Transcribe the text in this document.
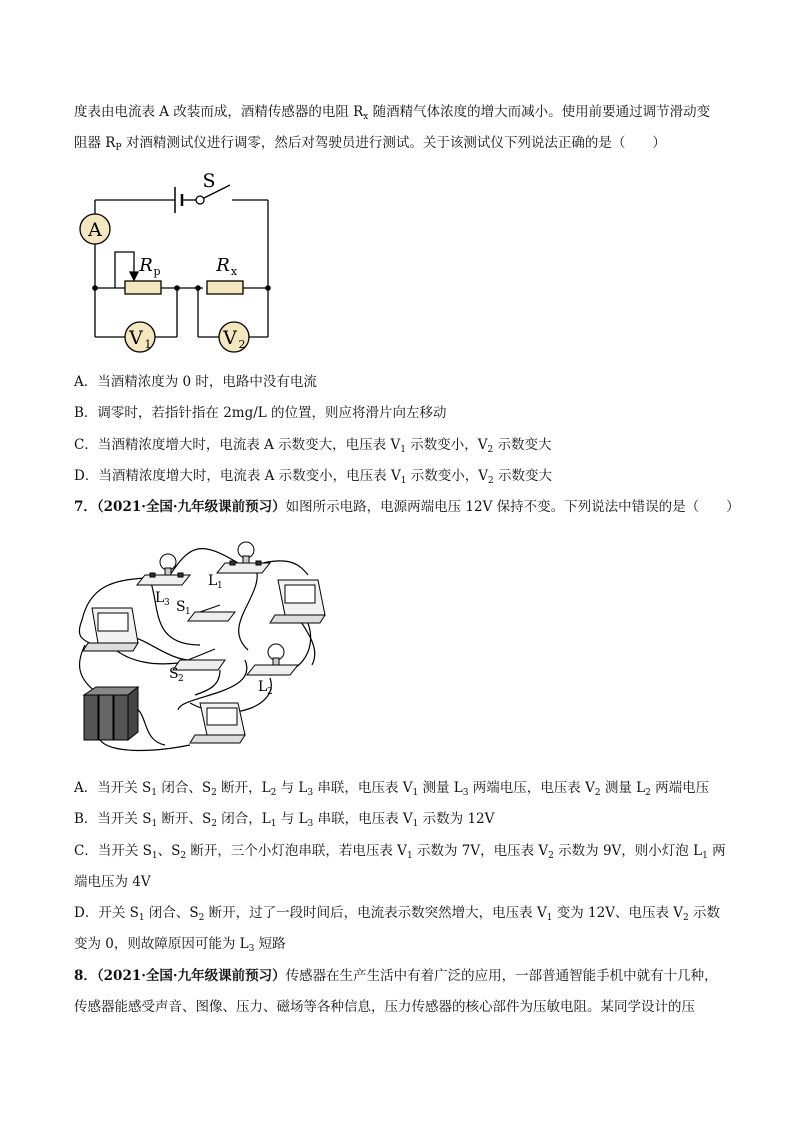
度表由电流表 A 改装而成，酒精传感器的电阻 $R_x$ 随酒精气体浓度的增大而减小。使用前要通过调节滑动变
阻器 $R_P$ 对酒精测试仪进行调零，然后对驾驶员进行测试。关于该测试仪下列说法正确的是（　　）
A
V 1	V 2
S
R p	R x
A．当酒精浓度为 0 时，电路中没有电流
B．调零时，若指针指在 2mg/L 的位置，则应将滑片向左移动
C．当酒精浓度增大时，电流表 A 示数变大，电压表 $V_1$ 示数变小，$V_2$ 示数变大
D．当酒精浓度增大时，电流表 A 示数变小，电压表 $V_1$ 示数变小，$V_2$ 示数变大
7．（2021·全国·九年级课前预习）如图所示电路，电源两端电压 12V 保持不变。下列说法中错误的是（　　）
L 3
L 1
S 1
S 2	L 2
A．当开关 $S_1$ 闭合、$S_2$ 断开，$L_2$ 与 $L_3$ 串联，电压表 $V_1$ 测量 $L_3$ 两端电压，电压表 $V_2$ 测量 $L_2$ 两端电压
B．当开关 $S_1$ 断开、$S_2$ 闭合，$L_1$ 与 $L_3$ 串联，电压表 $V_1$ 示数为 12V
C．当开关 $S_1$、$S_2$ 断开，三个小灯泡串联，若电压表 $V_1$ 示数为 7V，电压表 $V_2$ 示数为 9V，则小灯泡 $L_1$ 两
端电压为 4V
D．开关 $S_1$ 闭合、$S_2$ 断开，过了一段时间后，电流表示数突然增大，电压表 $V_1$ 变为 12V、电压表 $V_2$ 示数
变为 0，则故障原因可能为 $L_3$ 短路
8．（2021·全国·九年级课前预习）传感器在生产生活中有着广泛的应用，一部普通智能手机中就有十几种，
传感器能感受声音、图像、压力、磁场等各种信息，压力传感器的核心部件为压敏电阻。某同学设计的压
